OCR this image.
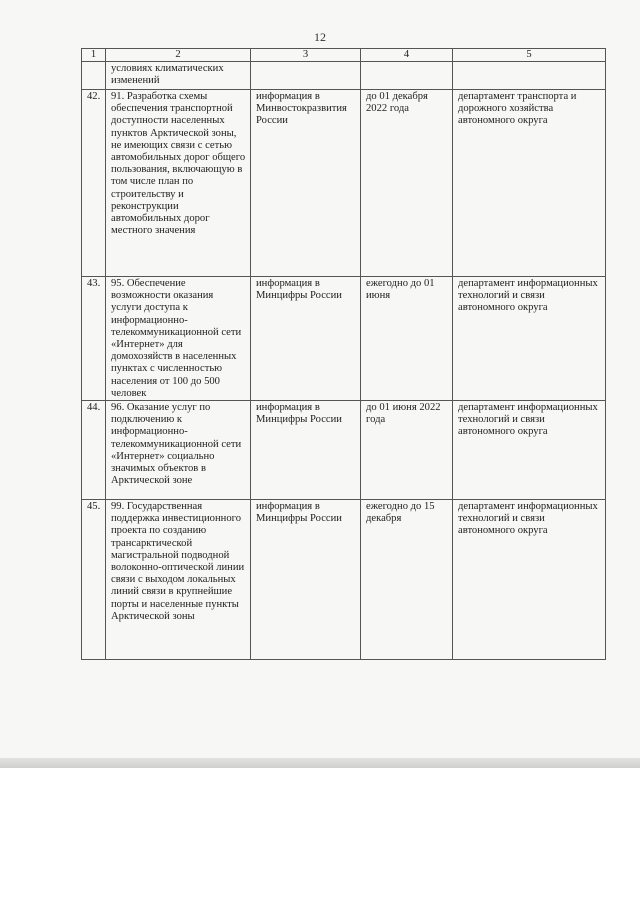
12
1	2	3	4	5
	условиях климатических изменений			
42.	91. Разработка схемы обеспечения транспортной доступности населенных пунктов Арктической зоны, не имеющих связи с сетью автомобильных дорог общего пользования, включающую в том числе план по строительству и реконструкции автомобильных дорог местного значения	информация в Минвостокразвития России	до 01 декабря 2022 года	департамент транспорта и дорожного хозяйства автономного округа
43.	95. Обеспечение возможности оказания услуги доступа к информационно-телекоммуникационной сети «Интернет» для домохозяйств в населенных пунктах с численностью населения от 100 до 500 человек	информация в Минцифры России	ежегодно до 01 июня	департамент информационных технологий и связи автономного округа
44.	96. Оказание услуг по подключению к информационно-телекоммуникационной сети «Интернет» социально значимых объектов в Арктической зоне	информация в Минцифры России	до 01 июня 2022 года	департамент информационных технологий и связи автономного округа
45.	99. Государственная поддержка инвестиционного проекта по созданию трансарктической магистральной подводной волоконно-оптической линии связи с выходом локальных линий связи в крупнейшие порты и населенные пункты Арктической зоны	информация в Минцифры России	ежегодно до 15 декабря	департамент информационных технологий и связи автономного округа
